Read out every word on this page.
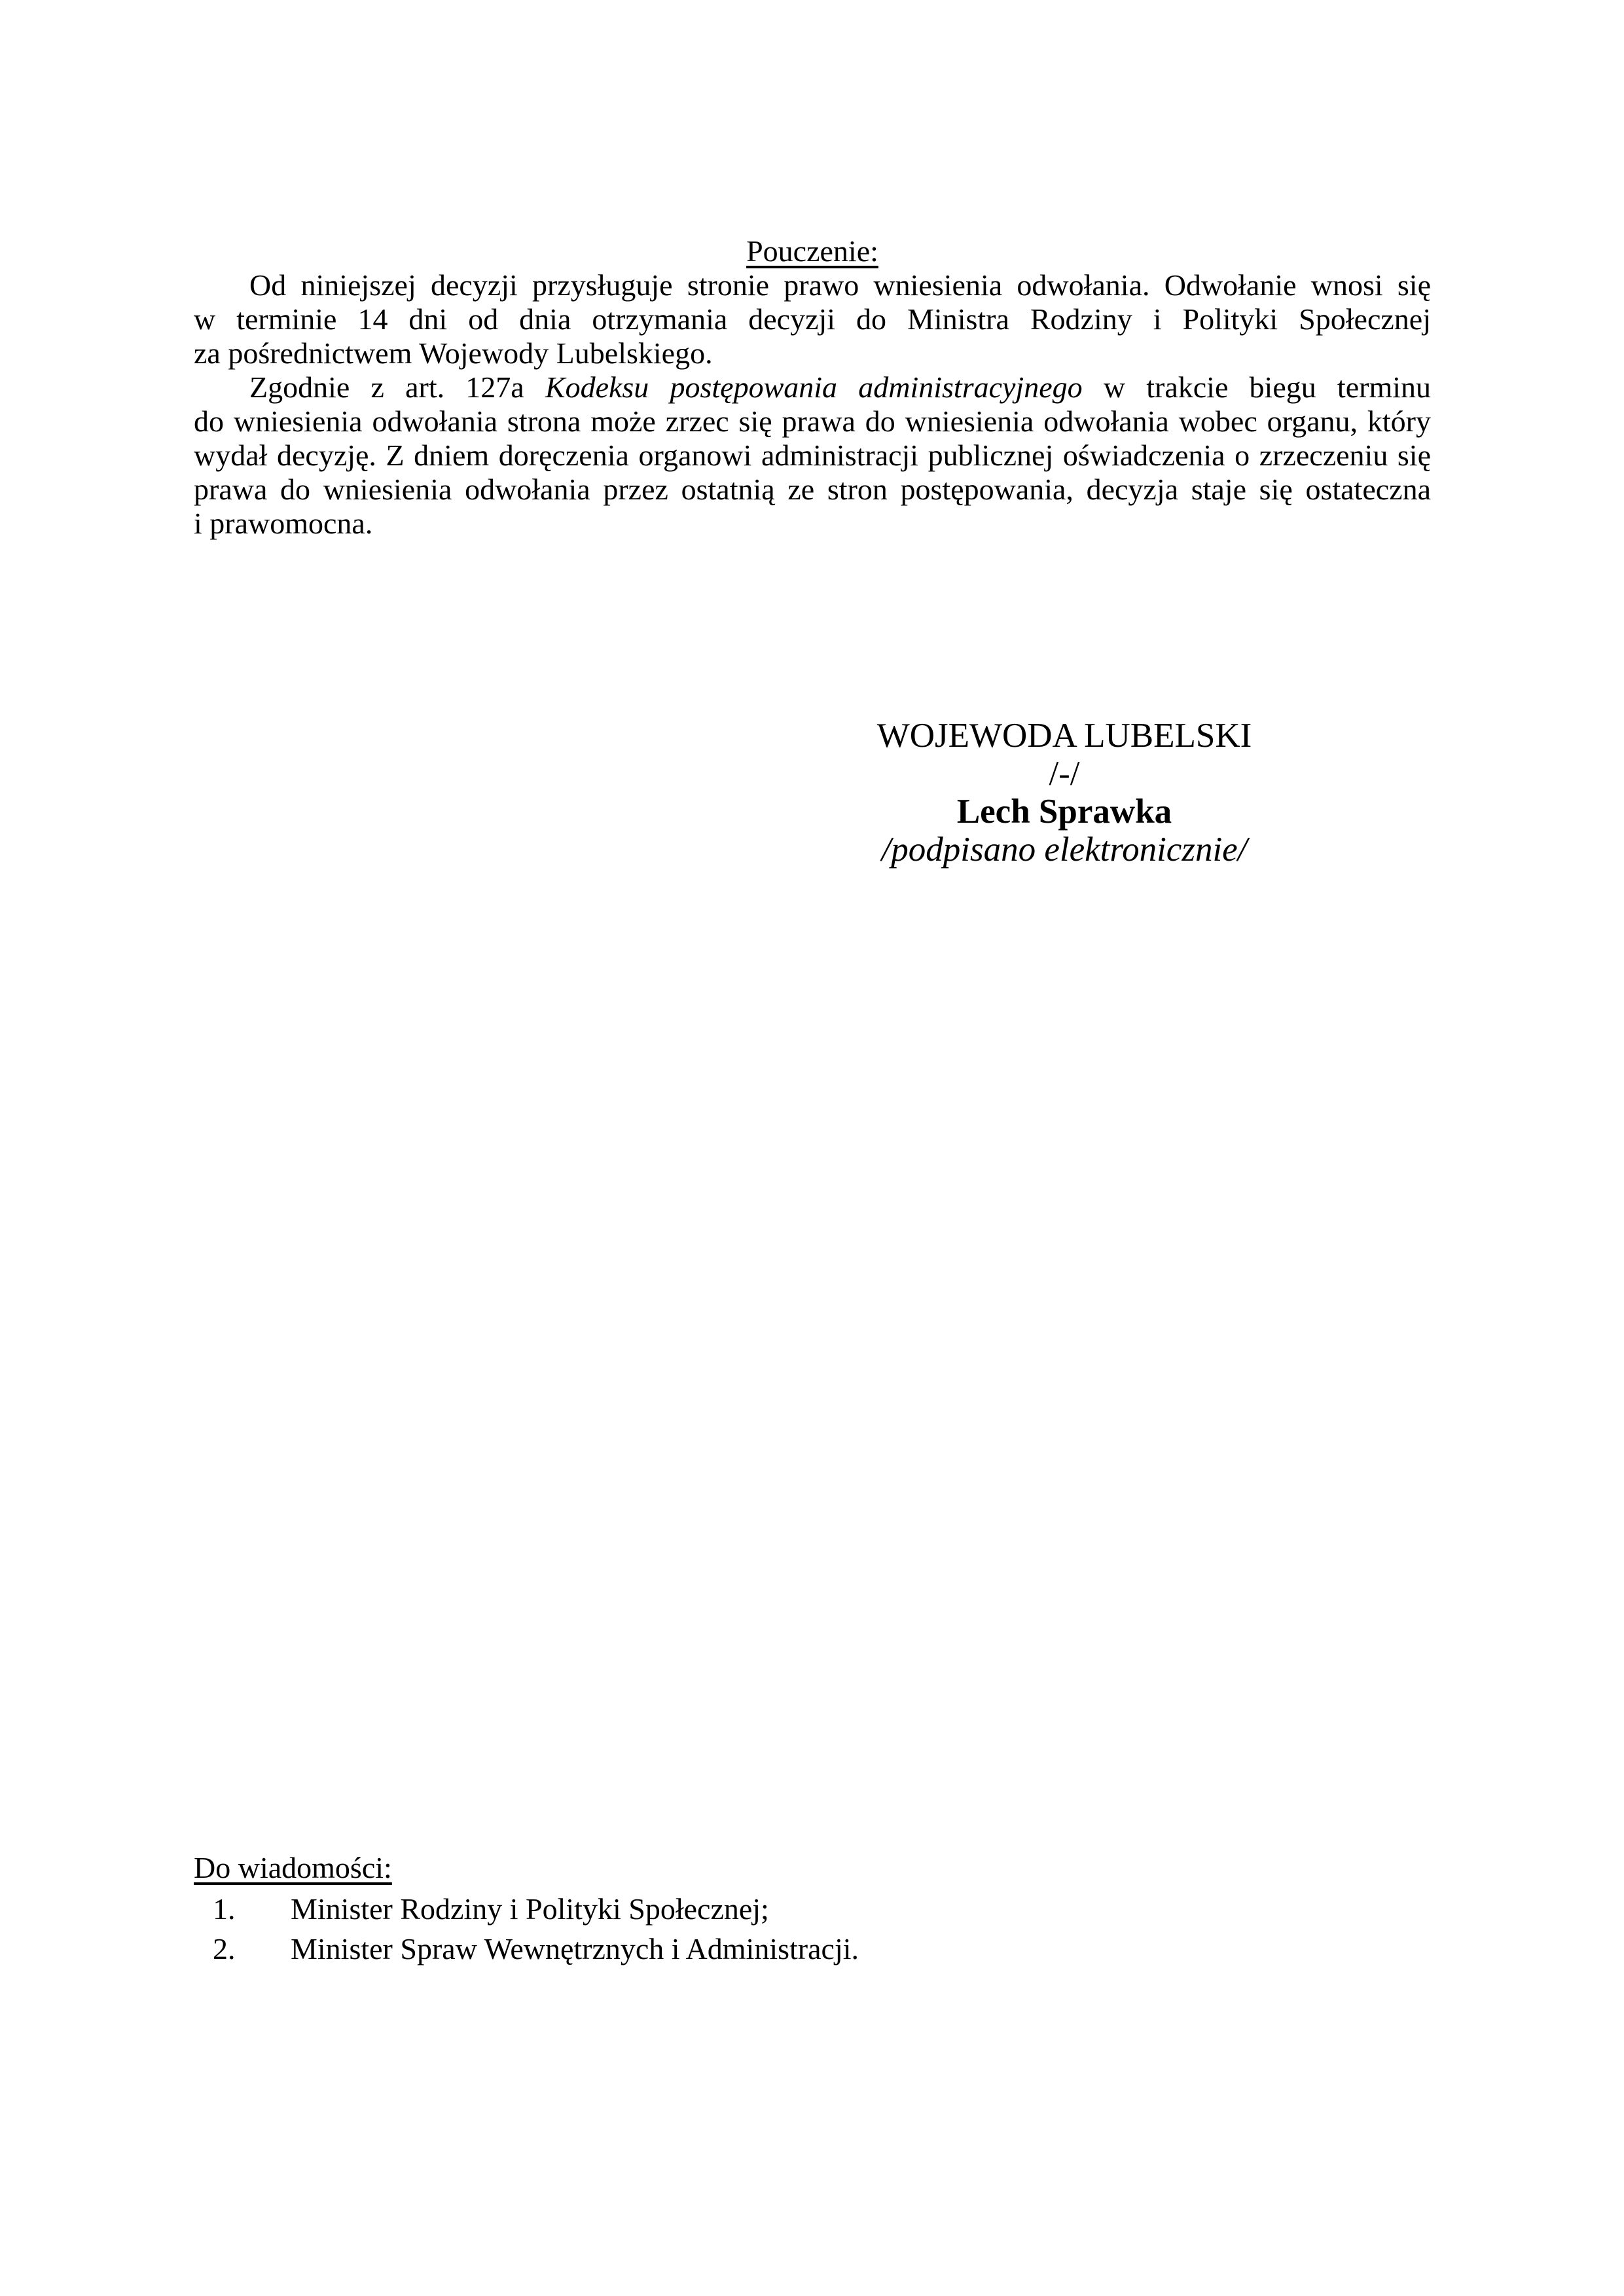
Pouczenie:
Od niniejszej decyzji przysługuje stronie prawo wniesienia odwołania. Odwołanie wnosi się
w terminie 14 dni od dnia otrzymania decyzji do Ministra Rodziny i Polityki Społecznej
za pośrednictwem Wojewody Lubelskiego.
Zgodnie z art. 127a Kodeksu postępowania administracyjnego w trakcie biegu terminu
do wniesienia odwołania strona może zrzec się prawa do wniesienia odwołania wobec organu, który
wydał decyzję. Z dniem doręczenia organowi administracji publicznej oświadczenia o zrzeczeniu się
prawa do wniesienia odwołania przez ostatnią ze stron postępowania, decyzja staje się ostateczna
i prawomocna.
WOJEWODA LUBELSKI
/-/
Lech Sprawka
/podpisano elektronicznie/
Do wiadomości:
1. Minister Rodziny i Polityki Społecznej;
2. Minister Spraw Wewnętrznych i Administracji.
